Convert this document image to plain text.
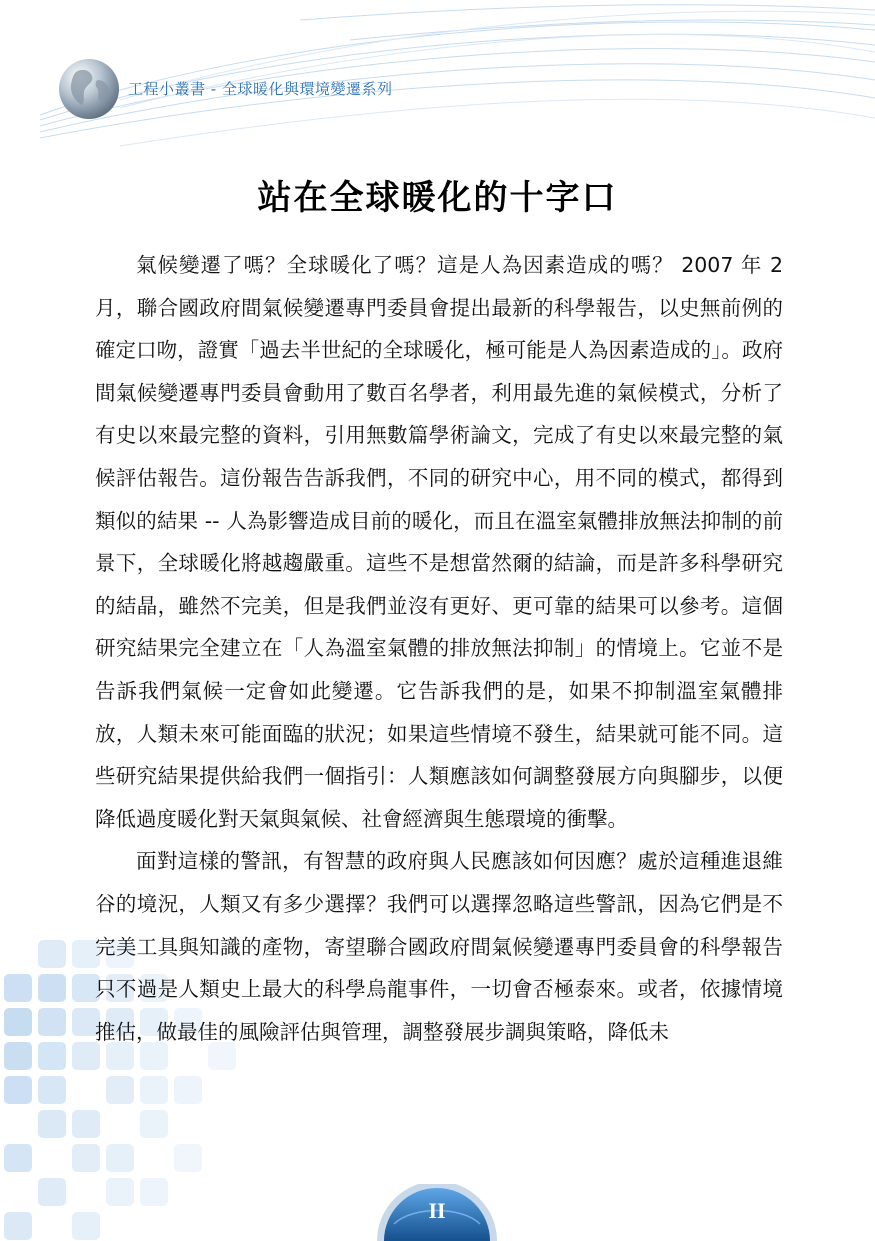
工程小叢書 - 全球暖化與環境變遷系列
站在全球暖化的十字口

氣候變遷了嗎？全球暖化了嗎？這是人為因素造成的嗎？ 2007 年 2 月，聯合國政府間氣候變遷專門委員會提出最新的科學報告，以史無前例的確定口吻，證實「過去半世紀的全球暖化，極可能是人為因素造成的」。政府間氣候變遷專門委員會動用了數百名學者，利用最先進的氣候模式，分析了有史以來最完整的資料，引用無數篇學術論文，完成了有史以來最完整的氣候評估報告。這份報告告訴我們，不同的研究中心，用不同的模式，都得到類似的結果 -- 人為影響造成目前的暖化，而且在溫室氣體排放無法抑制的前景下，全球暖化將越趨嚴重。這些不是想當然爾的結論，而是許多科學研究的結晶，雖然不完美，但是我們並沒有更好、更可靠的結果可以參考。這個研究結果完全建立在「人為溫室氣體的排放無法抑制」的情境上。它並不是告訴我們氣候一定會如此變遷。它告訴我們的是，如果不抑制溫室氣體排放，人類未來可能面臨的狀況；如果這些情境不發生，結果就可能不同。這些研究結果提供給我們一個指引：人類應該如何調整發展方向與腳步，以便降低過度暖化對天氣與氣候、社會經濟與生態環境的衝擊。

面對這樣的警訊，有智慧的政府與人民應該如何因應？處於這種進退維谷的境況，人類又有多少選擇？我們可以選擇忽略這些警訊，因為它們是不完美工具與知識的產物，寄望聯合國政府間氣候變遷專門委員會的科學報告只不過是人類史上最大的科學烏龍事件，一切會否極泰來。或者，依據情境推估，做最佳的風險評估與管理，調整發展步調與策略，降低未

II
